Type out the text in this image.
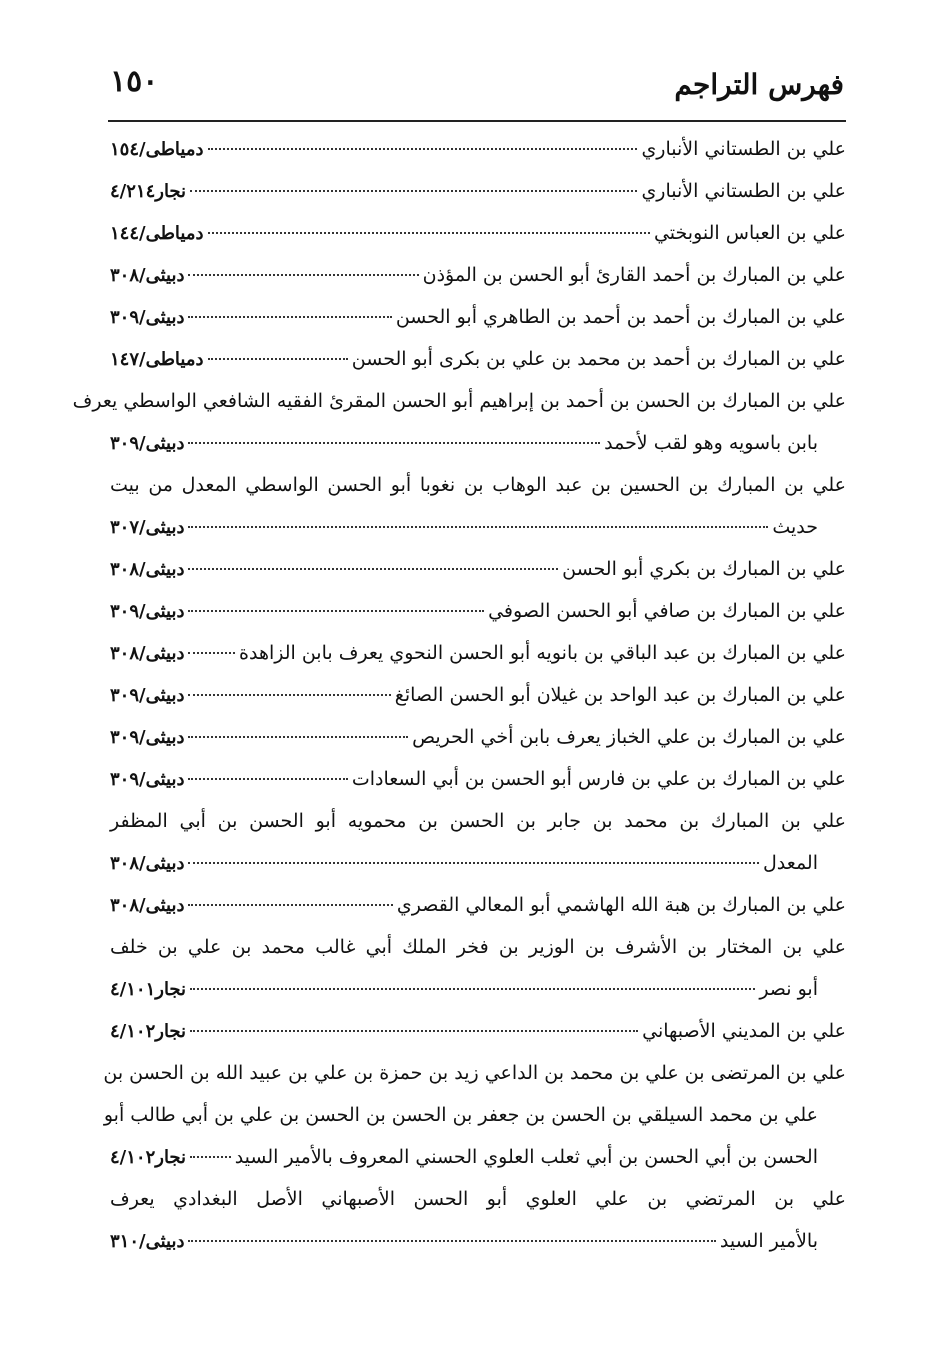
فهرس التراجم
١٥٠
علي بن الطستاني الأنباري
دمياطى/١٥٤
علي بن الطستاني الأنباري
نجار٤/٢١٤
علي بن العباس النوبختي
دمياطى/١٤٤
علي بن المبارك بن أحمد القارئ أبو الحسن بن المؤذن
دبيثى/٣٠٨
علي بن المبارك بن أحمد بن أحمد بن الطاهري أبو الحسن
دبيثى/٣٠٩
علي بن المبارك بن أحمد بن محمد بن علي بن بكرى أبو الحسن
دمياطى/١٤٧
علي بن المبارك بن الحسن بن أحمد بن إبراهيم أبو الحسن المقرئ الفقيه الشافعي الواسطي يعرف
بابن باسويه وهو لقب لأحمد
دبيثى/٣٠٩
علي بن المبارك بن الحسين بن عبد الوهاب بن نغوبا أبو الحسن الواسطي المعدل من بيت
حديث
دبيثى/٣٠٧
علي بن المبارك بن بكري أبو الحسن
دبيثى/٣٠٨
علي بن المبارك بن صافي أبو الحسن الصوفي
دبيثى/٣٠٩
علي بن المبارك بن عبد الباقي بن بانويه أبو الحسن النحوي يعرف بابن الزاهدة
دبيثى/٣٠٨
علي بن المبارك بن عبد الواحد بن غيلان أبو الحسن الصائغ
دبيثى/٣٠٩
علي بن المبارك بن علي الخباز يعرف بابن أخي الحريص
دبيثى/٣٠٩
علي بن المبارك بن علي بن فارس أبو الحسن بن أبي السعادات
دبيثى/٣٠٩
علي بن المبارك بن محمد بن جابر بن الحسن بن محمويه أبو الحسن بن أبي المظفر
المعدل
دبيثى/٣٠٨
علي بن المبارك بن هبة الله الهاشمي أبو المعالي القصري
دبيثى/٣٠٨
علي بن المختار بن الأشرف بن الوزير بن فخر الملك أبي غالب محمد بن علي بن خلف
أبو نصر
نجار٤/١٠١
علي بن المديني الأصبهاني
نجار٤/١٠٢
علي بن المرتضى بن علي بن محمد بن الداعي زيد بن حمزة بن علي بن عبيد الله بن الحسن بن
علي بن محمد السيلقي بن الحسن بن جعفر بن الحسن بن الحسن بن علي بن أبي طالب أبو
الحسن بن أبي الحسن بن أبي ثعلب العلوي الحسني المعروف بالأمير السيد
نجار٤/١٠٢
علي بن المرتضي بن علي العلوي أبو الحسن الأصبهاني الأصل البغدادي يعرف
بالأمير السيد
دبيثى/٣١٠
